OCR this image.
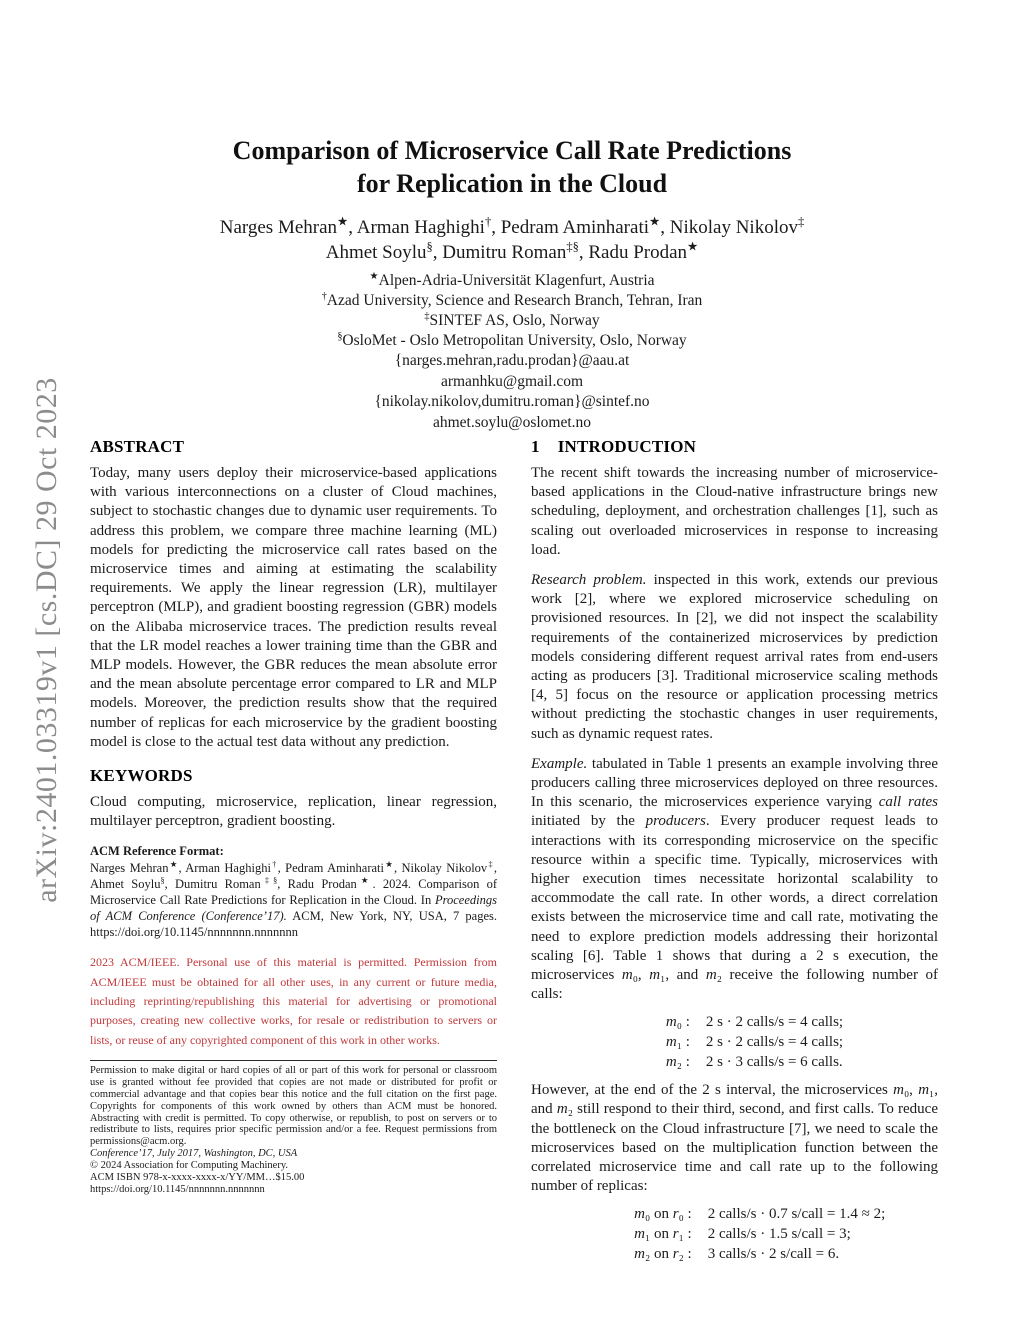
arXiv:2401.03319v1 [cs.DC] 29 Oct 2023
Comparison of Microservice Call Rate Predictions
for Replication in the Cloud
Narges Mehran★, Arman Haghighi†, Pedram Aminharati★, Nikolay Nikolov‡
Ahmet Soylu§, Dumitru Roman‡§, Radu Prodan★
★Alpen-Adria-Universität Klagenfurt, Austria
†Azad University, Science and Research Branch, Tehran, Iran
‡SINTEF AS, Oslo, Norway
§OsloMet - Oslo Metropolitan University, Oslo, Norway
{narges.mehran,radu.prodan}@aau.at
armanhku@gmail.com
{nikolay.nikolov,dumitru.roman}@sintef.no
ahmet.soylu@oslomet.no
ABSTRACT

Today, many users deploy their microservice-based applications with various interconnections on a cluster of Cloud machines, subject to stochastic changes due to dynamic user requirements. To address this problem, we compare three machine learning (ML) models for predicting the microservice call rates based on the microservice times and aiming at estimating the scalability requirements. We apply the linear regression (LR), multilayer perceptron (MLP), and gradient boosting regression (GBR) models on the Alibaba microservice traces. The prediction results reveal that the LR model reaches a lower training time than the GBR and MLP models. However, the GBR reduces the mean absolute error and the mean absolute percentage error compared to LR and MLP models. Moreover, the prediction results show that the required number of replicas for each microservice by the gradient boosting model is close to the actual test data without any prediction.

KEYWORDS

Cloud computing, microservice, replication, linear regression, multilayer perceptron, gradient boosting.

ACM Reference Format:

Narges Mehran★, Arman Haghighi†, Pedram Aminharati★, Nikolay Nikolov‡, Ahmet Soylu§, Dumitru Roman‡§, Radu Prodan★. 2024. Comparison of Microservice Call Rate Predictions for Replication in the Cloud. In Proceedings of ACM Conference (Conference’17). ACM, New York, NY, USA, 7 pages. https://doi.org/10.1145/nnnnnnn.nnnnnnn

2023 ACM/IEEE. Personal use of this material is permitted. Permission from ACM/IEEE must be obtained for all other uses, in any current or future media, including reprinting/republishing this material for advertising or promotional purposes, creating new collective works, for resale or redistribution to servers or lists, or reuse of any copyrighted component of this work in other works.

Permission to make digital or hard copies of all or part of this work for personal or classroom use is granted without fee provided that copies are not made or distributed for profit or commercial advantage and that copies bear this notice and the full citation on the first page. Copyrights for components of this work owned by others than ACM must be honored. Abstracting with credit is permitted. To copy otherwise, or republish, to post on servers or to redistribute to lists, requires prior specific permission and/or a fee. Request permissions from permissions@acm.org.

Conference’17, July 2017, Washington, DC, USA
© 2024 Association for Computing Machinery.
ACM ISBN 978-x-xxxx-xxxx-x/YY/MM…$15.00
https://doi.org/10.1145/nnnnnnn.nnnnnnn
1 INTRODUCTION

The recent shift towards the increasing number of microservice-based applications in the Cloud-native infrastructure brings new scheduling, deployment, and orchestration challenges [1], such as scaling out overloaded microservices in response to increasing load.

Research problem. inspected in this work, extends our previous work [2], where we explored microservice scheduling on provisioned resources. In [2], we did not inspect the scalability requirements of the containerized microservices by prediction models considering different request arrival rates from end-users acting as producers [3]. Traditional microservice scaling methods [4, 5] focus on the resource or application processing metrics without predicting the stochastic changes in user requirements, such as dynamic request rates.

Example. tabulated in Table 1 presents an example involving three producers calling three microservices deployed on three resources. In this scenario, the microservices experience varying call rates initiated by the producers. Every producer request leads to interactions with its corresponding microservice on the specific resource within a specific time. Typically, microservices with higher execution times necessitate horizontal scalability to accommodate the call rate. In other words, a direct correlation exists between the microservice time and call rate, motivating the need to explore prediction models addressing their horizontal scaling [6]. Table 1 shows that during a 2 s execution, the microservices m₀, m₁, and m₂ receive the following number of calls:

m₀ : 2 s · 2 calls/s = 4 calls;
m₁ : 2 s · 2 calls/s = 4 calls;
m₂ : 2 s · 3 calls/s = 6 calls.

However, at the end of the 2 s interval, the microservices m₀, m₁, and m₂ still respond to their third, second, and first calls. To reduce the bottleneck on the Cloud infrastructure [7], we need to scale the microservices based on the multiplication function between the correlated microservice time and call rate up to the following number of replicas:

m₀ on r₀ : 2 calls/s · 0.7 s/call = 1.4 ≈ 2;
m₁ on r₁ : 2 calls/s · 1.5 s/call = 3;
m₂ on r₂ : 3 calls/s · 2 s/call = 6.
